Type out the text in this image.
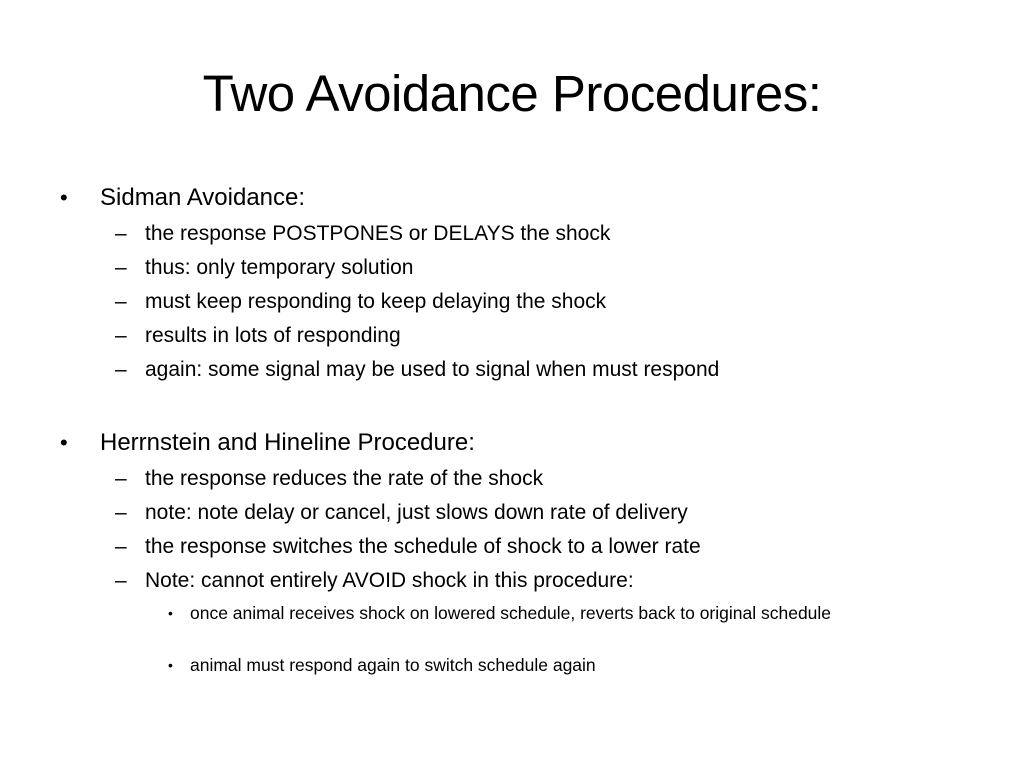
Two Avoidance Procedures:
• Sidman Avoidance:
– the response POSTPONES or DELAYS the shock
– thus: only temporary solution
– must keep responding to keep delaying the shock
– results in lots of responding
– again: some signal may be used to signal when must respond
• Herrnstein and Hineline Procedure:
– the response reduces the rate of the shock
– note: note delay or cancel, just slows down rate of delivery
– the response switches the schedule of shock to a lower rate
– Note: cannot entirely AVOID shock in this procedure:
• once animal receives shock on lowered schedule, reverts back to original schedule
• animal must respond again to switch schedule again
